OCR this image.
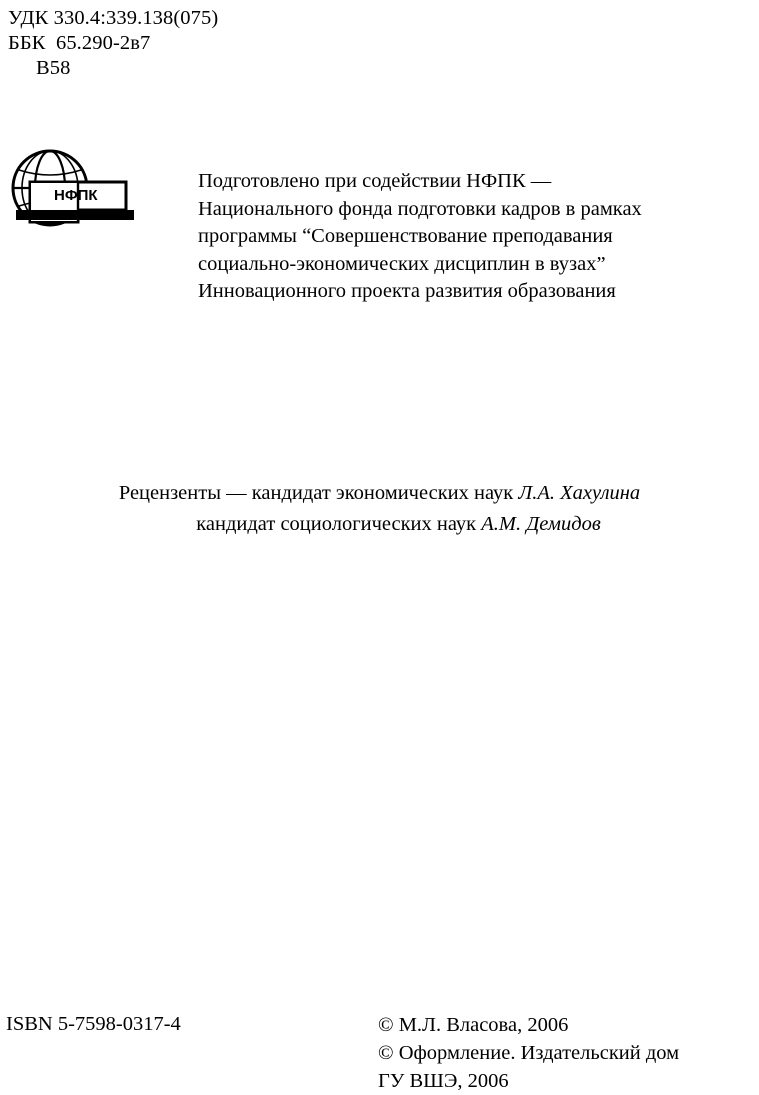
УДК 330.4:339.138(075)
ББК  65.290-2в7
В58
НФПК
Подготовлено при содействии НФПК —
Национального фонда подготовки кадров в рамках
программы “Совершенствование преподавания
социально-экономических дисциплин в вузах”
Инновационного проекта развития образования
Рецензенты — кандидат экономических наук Л.А. Хахулина
кандидат социологических наук А.М. Демидов
ISBN 5-7598-0317-4	© М.Л. Власова, 2006
© Оформление. Издательский дом
ГУ ВШЭ, 2006
